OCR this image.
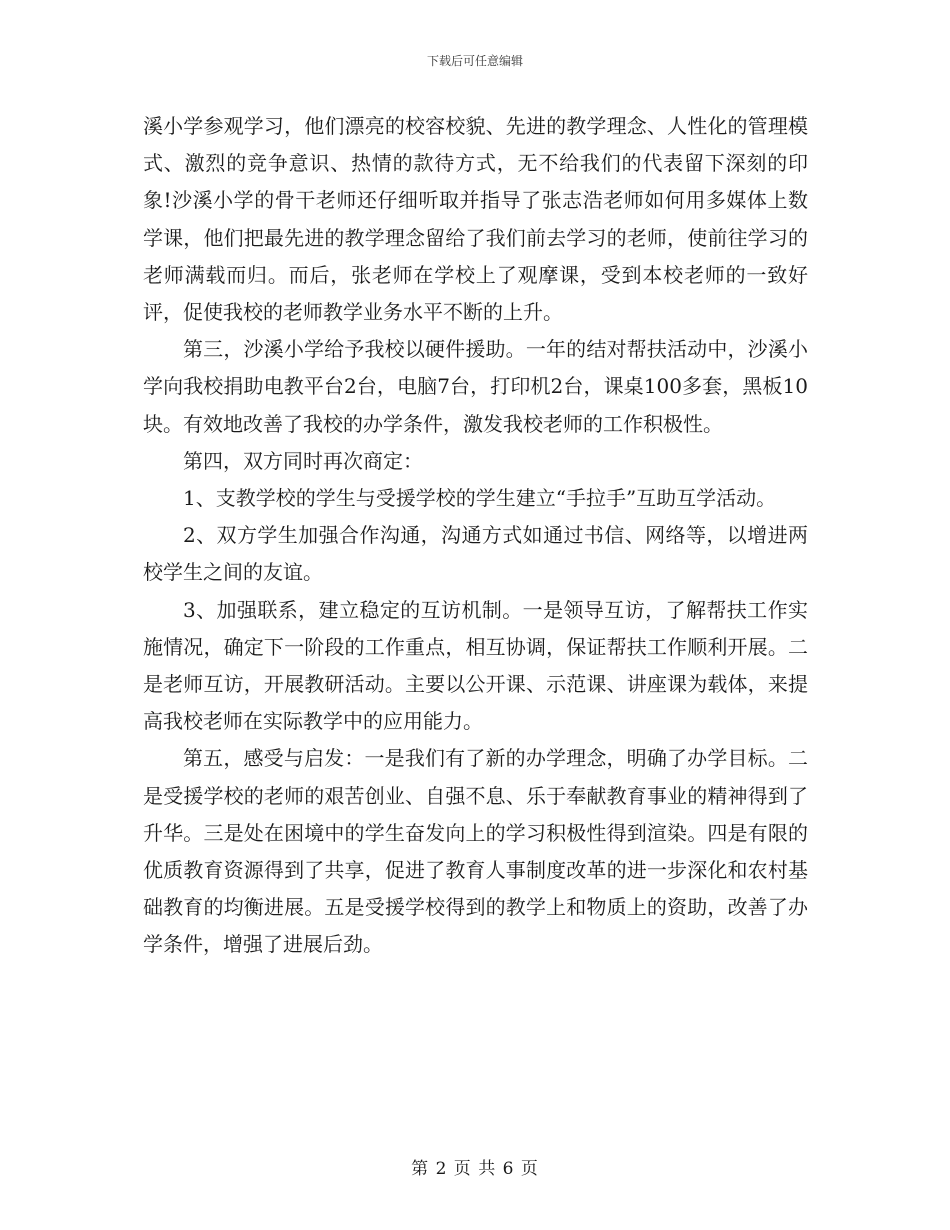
下载后可任意编辑

溪小学参观学习，他们漂亮的校容校貌、先进的教学理念、人性化的管理模式、激烈的竞争意识、热情的款待方式，无不给我们的代表留下深刻的印象!沙溪小学的骨干老师还仔细听取并指导了张志浩老师如何用多媒体上数学课，他们把最先进的教学理念留给了我们前去学习的老师，使前往学习的老师满载而归。而后，张老师在学校上了观摩课，受到本校老师的一致好评，促使我校的老师教学业务水平不断的上升。

第三，沙溪小学给予我校以硬件援助。一年的结对帮扶活动中，沙溪小学向我校捐助电教平台2台，电脑7台，打印机2台，课桌100多套，黑板10块。有效地改善了我校的办学条件，激发我校老师的工作积极性。

第四，双方同时再次商定：

1、支教学校的学生与受援学校的学生建立“手拉手”互助互学活动。

2、双方学生加强合作沟通，沟通方式如通过书信、网络等，以增进两校学生之间的友谊。

3、加强联系，建立稳定的互访机制。一是领导互访，了解帮扶工作实施情况，确定下一阶段的工作重点，相互协调，保证帮扶工作顺利开展。二是老师互访，开展教研活动。主要以公开课、示范课、讲座课为载体，来提高我校老师在实际教学中的应用能力。

第五，感受与启发：一是我们有了新的办学理念，明确了办学目标。二是受援学校的老师的艰苦创业、自强不息、乐于奉献教育事业的精神得到了升华。三是处在困境中的学生奋发向上的学习积极性得到渲染。四是有限的优质教育资源得到了共享，促进了教育人事制度改革的进一步深化和农村基础教育的均衡进展。五是受援学校得到的教学上和物质上的资助，改善了办学条件，增强了进展后劲。

第 2 页 共 6 页
